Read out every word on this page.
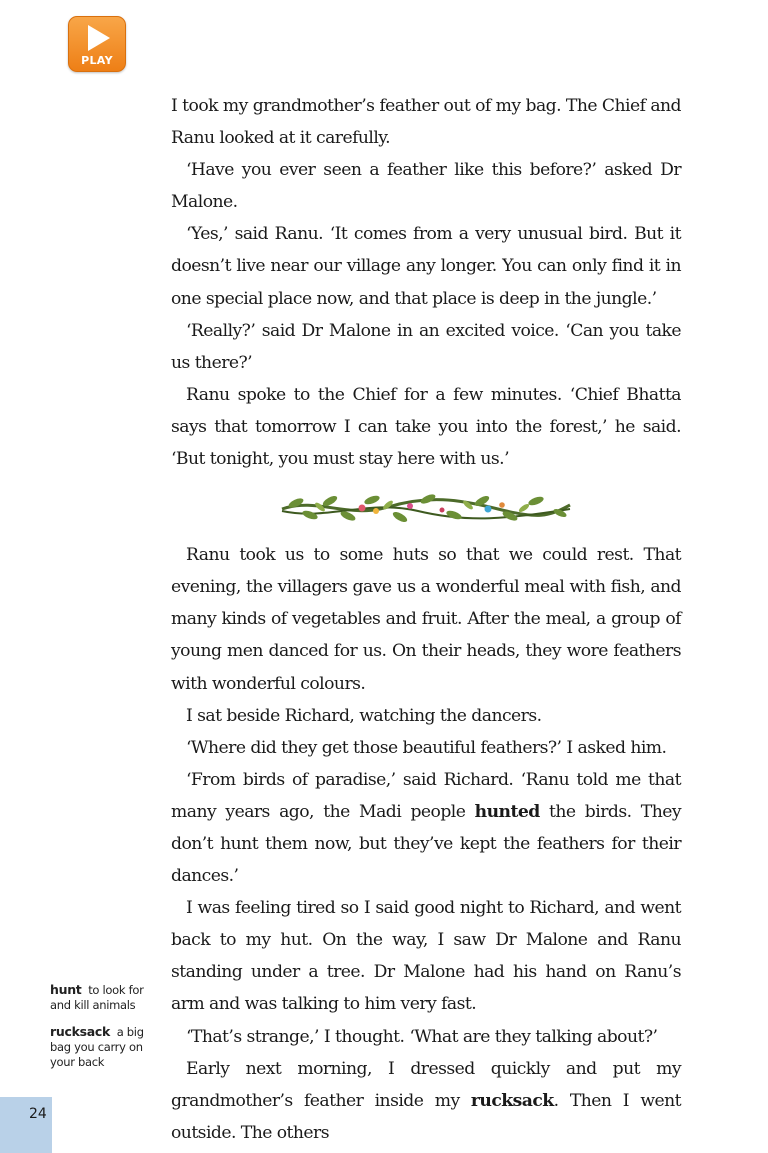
PLAY

I took my grandmother’s feather out of my bag. The Chief and Ranu looked at it carefully.

‘Have you ever seen a feather like this before?’ asked Dr Malone.

‘Yes,’ said Ranu. ‘It comes from a very unusual bird. But it doesn’t live near our village any longer. You can only find it in one special place now, and that place is deep in the jungle.’

‘Really?’ said Dr Malone in an excited voice. ‘Can you take us there?’

Ranu spoke to the Chief for a few minutes. ‘Chief Bhatta says that tomorrow I can take you into the forest,’ he said. ‘But tonight, you must stay here with us.’

Ranu took us to some huts so that we could rest. That evening, the villagers gave us a wonderful meal with fish, and many kinds of vegetables and fruit. After the meal, a group of young men danced for us. On their heads, they wore feathers with wonderful colours.

I sat beside Richard, watching the dancers.

‘Where did they get those beautiful feathers?’ I asked him.

‘From birds of paradise,’ said Richard. ‘Ranu told me that many years ago, the Madi people hunted the birds. They don’t hunt them now, but they’ve kept the feathers for their dances.’

I was feeling tired so I said good night to Richard, and went back to my hut. On the way, I saw Dr Malone and Ranu standing under a tree. Dr Malone had his hand on Ranu’s arm and was talking to him very fast.

‘That’s strange,’ I thought. ‘What are they talking about?’

Early next morning, I dressed quickly and put my grandmother’s feather inside my rucksack. Then I went outside. The others

hunt to look for and kill animals
rucksack a big bag you carry on your back
24
